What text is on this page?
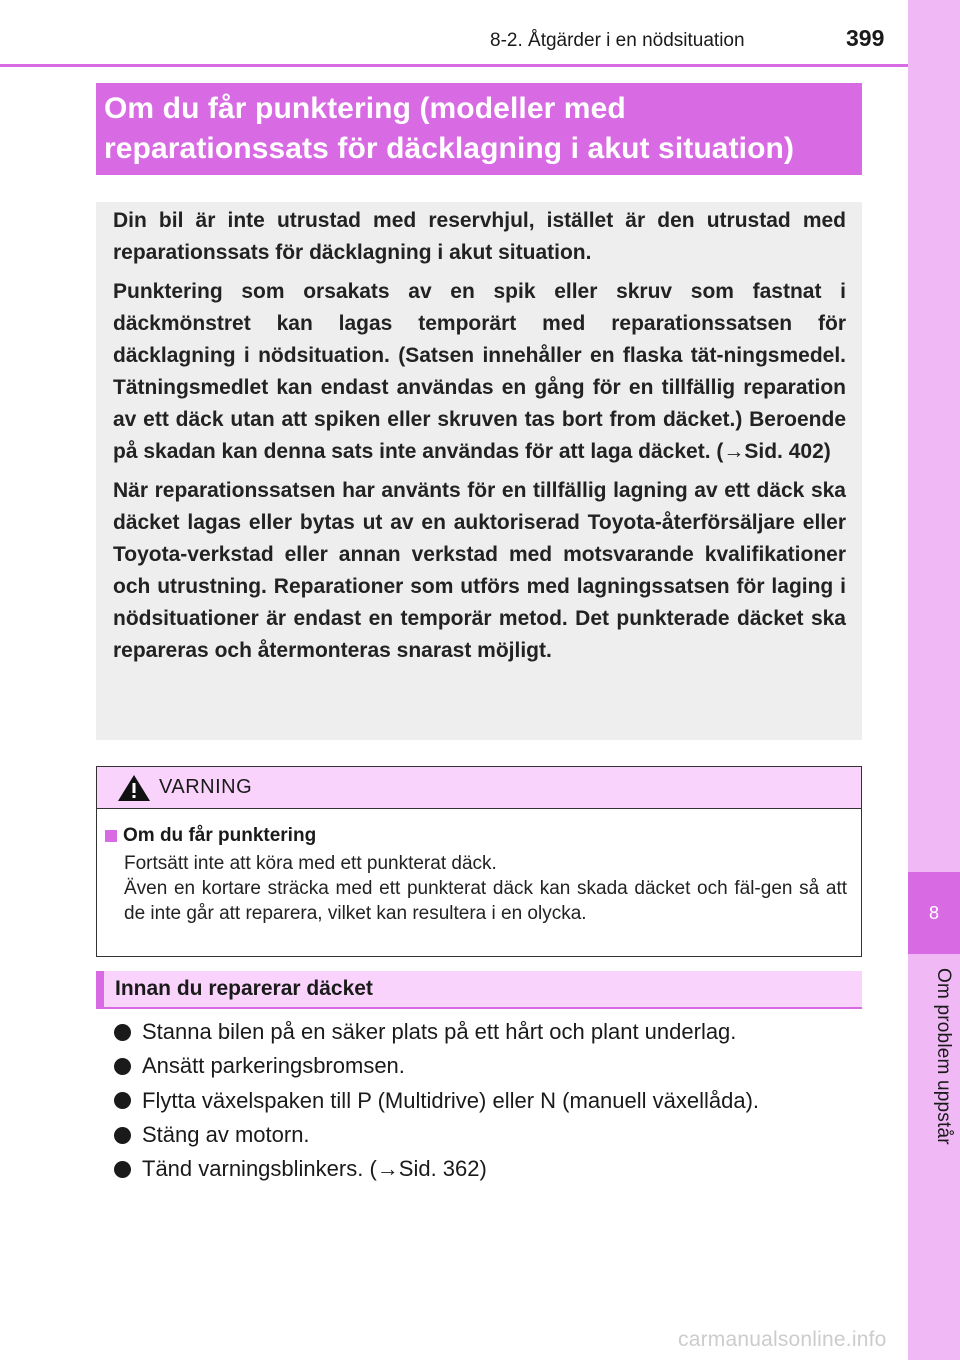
8
Om problem uppstår
8-2. Åtgärder i en nödsituation	399
Om du får punktering (modeller med
reparationssats för däcklagning i akut situation)

Din bil är inte utrustad med reservhjul, istället är den utrustad med reparationssats för däcklagning i akut situation.

Punktering som orsakats av en spik eller skruv som fastnat i däckmönstret kan lagas temporärt med reparationssatsen för däcklagning i nödsituation. (Satsen innehåller en flaska tät-ningsmedel. Tätningsmedlet kan endast användas en gång för en tillfällig reparation av ett däck utan att spiken eller skruven tas bort from däcket.) Beroende på skadan kan denna sats inte användas för att laga däcket. (→Sid. 402)

När reparationssatsen har använts för en tillfällig lagning av ett däck ska däcket lagas eller bytas ut av en auktoriserad Toyota-återförsäljare eller Toyota-verkstad eller annan verkstad med motsvarande kvalifikationer och utrustning. Reparationer som utförs med lagningssatsen för laging i nödsituationer är endast en temporär metod. Det punkterade däcket ska repareras och återmonteras snarast möjligt.

VARNING
Om du får punktering
Fortsätt inte att köra med ett punkterat däck.
Även en kortare sträcka med ett punkterat däck kan skada däcket och fäl-gen så att de inte går att reparera, vilket kan resultera i en olycka.
Innan du reparerar däcket
Stanna bilen på en säker plats på ett hårt och plant underlag.
Ansätt parkeringsbromsen.
Flytta växelspaken till P (Multidrive) eller N (manuell växellåda).
Stäng av motorn.
Tänd varningsblinkers. (→Sid. 362)
carmanualsonline.info
